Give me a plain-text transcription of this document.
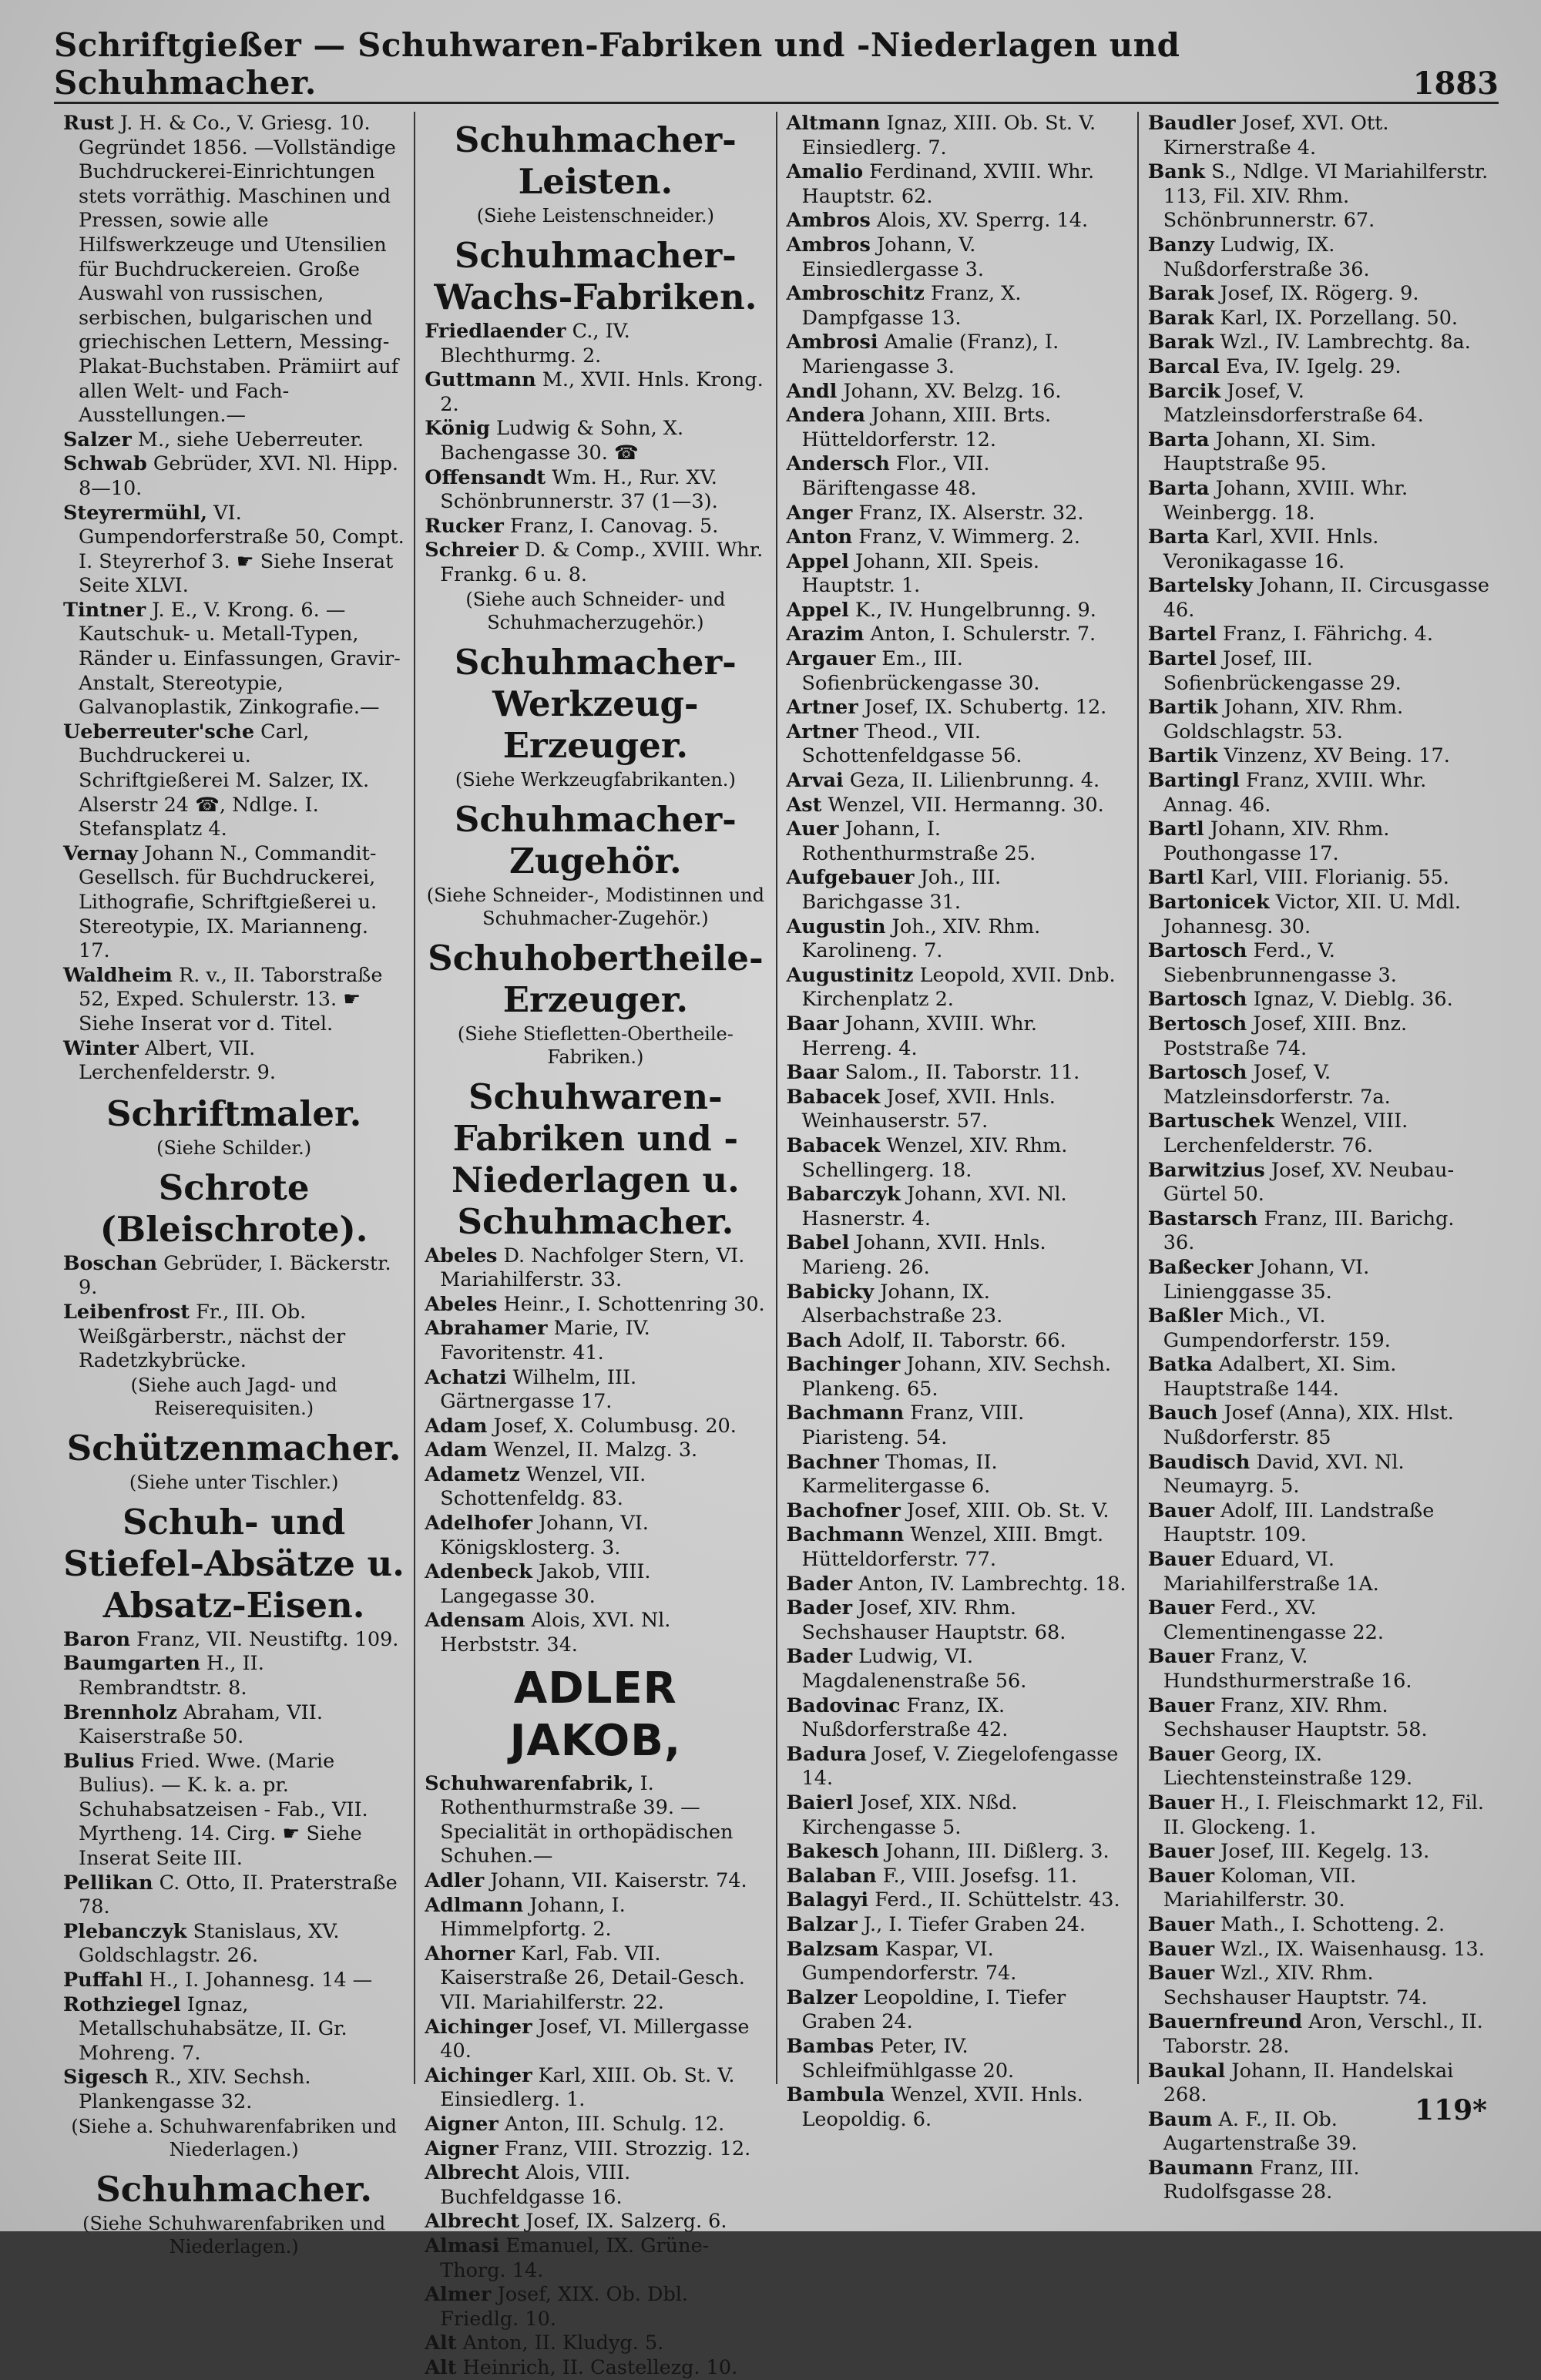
Schriftgießer — Schuhwaren-Fabriken und -Niederlagen und Schuhmacher.	1883

Rust J. H. & Co., V. Griesg. 10. Gegründet 1856. —Vollständige Buchdruckerei-Einrichtungen stets vorräthig. Maschinen und Pressen, sowie alle Hilfswerkzeuge und Utensilien für Buchdruckereien. Große Auswahl von russischen, serbischen, bulgarischen und griechischen Lettern, Messing-Plakat-Buchstaben. Prämiirt auf allen Welt- und Fach-Ausstellungen.—

Salzer M., siehe Ueberreuter.

Schwab Gebrüder, XVI. Nl. Hipp. 8—10.

Steyrermühl, VI. Gumpendorferstraße 50, Compt. I. Steyrerhof 3. ☛ Siehe Inserat Seite XLVI.

Tintner J. E., V. Krong. 6. —Kautschuk- u. Metall-Typen, Ränder u. Einfassungen, Gravir-Anstalt, Stereotypie, Galvanoplastik, Zinkografie.—

Ueberreuter'sche Carl, Buchdruckerei u. Schriftgießerei M. Salzer, IX. Alserstr 24 ☎, Ndlge. I. Stefansplatz 4.

Vernay Johann N., Commandit-Gesellsch. für Buchdruckerei, Lithografie, Schriftgießerei u. Stereotypie, IX. Marianneng. 17.

Waldheim R. v., II. Taborstraße 52, Exped. Schulerstr. 13. ☛ Siehe Inserat vor d. Titel.

Winter Albert, VII. Lerchenfelderstr. 9.

Schriftmaler.

(Siehe Schilder.)

Schrote (Bleischrote).

Boschan Gebrüder, I. Bäckerstr. 9.

Leibenfrost Fr., III. Ob. Weißgärberstr., nächst der Radetzkybrücke.

(Siehe auch Jagd- und Reiserequisiten.)

Schützenmacher.

(Siehe unter Tischler.)

Schuh- und Stiefel-Absätze u. Absatz-Eisen.

Baron Franz, VII. Neustiftg. 109.

Baumgarten H., II. Rembrandtstr. 8.

Brennholz Abraham, VII. Kaiserstraße 50.

Bulius Fried. Wwe. (Marie Bulius). — K. k. a. pr. Schuhabsatzeisen - Fab., VII. Myrtheng. 14. Cirg. ☛ Siehe Inserat Seite III.

Pellikan C. Otto, II. Praterstraße 78.

Plebanczyk Stanislaus, XV. Goldschlagstr. 26.

Puffahl H., I. Johannesg. 14 —

Rothziegel Ignaz, Metallschuhabsätze, II. Gr. Mohreng. 7.

Sigesch R., XIV. Sechsh. Plankengasse 32.

(Siehe a. Schuhwarenfabriken und Niederlagen.)

Schuhmacher.

(Siehe Schuhwarenfabriken und Niederlagen.)

Schuhmacher-Leisten.

(Siehe Leistenschneider.)

Schuhmacher-Wachs-Fabriken.

Friedlaender C., IV. Blechthurmg. 2.

Guttmann M., XVII. Hnls. Krong. 2.

König Ludwig & Sohn, X. Bachengasse 30. ☎

Offensandt Wm. H., Rur. XV. Schönbrunnerstr. 37 (1—3).

Rucker Franz, I. Canovag. 5.

Schreier D. & Comp., XVIII. Whr. Frankg. 6 u. 8.

(Siehe auch Schneider- und Schuhmacherzugehör.)

Schuhmacher-Werkzeug-Erzeuger.

(Siehe Werkzeugfabrikanten.)

Schuhmacher-Zugehör.

(Siehe Schneider-, Modistinnen und Schuhmacher-Zugehör.)

Schuhobertheile-Erzeuger.

(Siehe Stiefletten-Obertheile-Fabriken.)

Schuhwaren-Fabriken und -Niederlagen u. Schuhmacher.

Abeles D. Nachfolger Stern, VI. Mariahilferstr. 33.

Abeles Heinr., I. Schottenring 30.

Abrahamer Marie, IV. Favoritenstr. 41.

Achatzi Wilhelm, III. Gärtnergasse 17.

Adam Josef, X. Columbusg. 20.

Adam Wenzel, II. Malzg. 3.

Adametz Wenzel, VII. Schottenfeldg. 83.

Adelhofer Johann, VI. Königsklosterg. 3.

Adenbeck Jakob, VIII. Langegasse 30.

Adensam Alois, XVI. Nl. Herbststr. 34.

ADLER JAKOB,

Schuhwarenfabrik, I. Rothenthurmstraße 39. — Specialität in orthopädischen Schuhen.—

Adler Johann, VII. Kaiserstr. 74.

Adlmann Johann, I. Himmelpfortg. 2.

Ahorner Karl, Fab. VII. Kaiserstraße 26, Detail-Gesch. VII. Mariahilferstr. 22.

Aichinger Josef, VI. Millergasse 40.

Aichinger Karl, XIII. Ob. St. V. Einsiedlerg. 1.

Aigner Anton, III. Schulg. 12.

Aigner Franz, VIII. Strozzig. 12.

Albrecht Alois, VIII. Buchfeldgasse 16.

Albrecht Josef, IX. Salzerg. 6.

Almasi Emanuel, IX. Grüne-Thorg. 14.

Almer Josef, XIX. Ob. Dbl. Friedlg. 10.

Alt Anton, II. Kludyg. 5.

Alt Heinrich, II. Castellezg. 10.

Altmann Ignaz, XIII. Ob. St. V. Einsiedlerg. 7.

Amalio Ferdinand, XVIII. Whr. Hauptstr. 62.

Ambros Alois, XV. Sperrg. 14.

Ambros Johann, V. Einsiedlergasse 3.

Ambroschitz Franz, X. Dampfgasse 13.

Ambrosi Amalie (Franz), I. Mariengasse 3.

Andl Johann, XV. Belzg. 16.

Andera Johann, XIII. Brts. Hütteldorferstr. 12.

Andersch Flor., VII. Bäriftengasse 48.

Anger Franz, IX. Alserstr. 32.

Anton Franz, V. Wimmerg. 2.

Appel Johann, XII. Speis. Hauptstr. 1.

Appel K., IV. Hungelbrunng. 9.

Arazim Anton, I. Schulerstr. 7.

Argauer Em., III. Sofienbrückengasse 30.

Artner Josef, IX. Schubertg. 12.

Artner Theod., VII. Schottenfeldgasse 56.

Arvai Geza, II. Lilienbrunng. 4.

Ast Wenzel, VII. Hermanng. 30.

Auer Johann, I. Rothenthurmstraße 25.

Aufgebauer Joh., III. Barichgasse 31.

Augustin Joh., XIV. Rhm. Karolineng. 7.

Augustinitz Leopold, XVII. Dnb. Kirchenplatz 2.

Baar Johann, XVIII. Whr. Herreng. 4.

Baar Salom., II. Taborstr. 11.

Babacek Josef, XVII. Hnls. Weinhauserstr. 57.

Babacek Wenzel, XIV. Rhm. Schellingerg. 18.

Babarczyk Johann, XVI. Nl. Hasnerstr. 4.

Babel Johann, XVII. Hnls. Marieng. 26.

Babicky Johann, IX. Alserbachstraße 23.

Bach Adolf, II. Taborstr. 66.

Bachinger Johann, XIV. Sechsh. Plankeng. 65.

Bachmann Franz, VIII. Piaristeng. 54.

Bachner Thomas, II. Karmelitergasse 6.

Bachofner Josef, XIII. Ob. St. V.

Bachmann Wenzel, XIII. Bmgt. Hütteldorferstr. 77.

Bader Anton, IV. Lambrechtg. 18.

Bader Josef, XIV. Rhm. Sechshauser Hauptstr. 68.

Bader Ludwig, VI. Magdalenenstraße 56.

Badovinac Franz, IX. Nußdorferstraße 42.

Badura Josef, V. Ziegelofengasse 14.

Baierl Josef, XIX. Nßd. Kirchengasse 5.

Bakesch Johann, III. Dißlerg. 3.

Balaban F., VIII. Josefsg. 11.

Balagyi Ferd., II. Schüttelstr. 43.

Balzar J., I. Tiefer Graben 24.

Balzsam Kaspar, VI. Gumpendorferstr. 74.

Balzer Leopoldine, I. Tiefer Graben 24.

Bambas Peter, IV. Schleifmühlgasse 20.

Bambula Wenzel, XVII. Hnls. Leopoldig. 6.

Baudler Josef, XVI. Ott. Kirnerstraße 4.

Bank S., Ndlge. VI Mariahilferstr. 113, Fil. XIV. Rhm. Schönbrunnerstr. 67.

Banzy Ludwig, IX. Nußdorferstraße 36.

Barak Josef, IX. Rögerg. 9.

Barak Karl, IX. Porzellang. 50.

Barak Wzl., IV. Lambrechtg. 8a.

Barcal Eva, IV. Igelg. 29.

Barcik Josef, V. Matzleinsdorferstraße 64.

Barta Johann, XI. Sim. Hauptstraße 95.

Barta Johann, XVIII. Whr. Weinbergg. 18.

Barta Karl, XVII. Hnls. Veronikagasse 16.

Bartelsky Johann, II. Circusgasse 46.

Bartel Franz, I. Fährichg. 4.

Bartel Josef, III. Sofienbrückengasse 29.

Bartik Johann, XIV. Rhm. Goldschlagstr. 53.

Bartik Vinzenz, XV Being. 17.

Bartingl Franz, XVIII. Whr. Annag. 46.

Bartl Johann, XIV. Rhm. Pouthongasse 17.

Bartl Karl, VIII. Florianig. 55.

Bartonicek Victor, XII. U. Mdl. Johannesg. 30.

Bartosch Ferd., V. Siebenbrunnengasse 3.

Bartosch Ignaz, V. Dieblg. 36.

Bertosch Josef, XIII. Bnz. Poststraße 74.

Bartosch Josef, V. Matzleinsdorferstr. 7a.

Bartuschek Wenzel, VIII. Lerchenfelderstr. 76.

Barwitzius Josef, XV. Neubau-Gürtel 50.

Bastarsch Franz, III. Barichg. 36.

Baßecker Johann, VI. Linienggasse 35.

Baßler Mich., VI. Gumpendorferstr. 159.

Batka Adalbert, XI. Sim. Hauptstraße 144.

Bauch Josef (Anna), XIX. Hlst. Nußdorferstr. 85

Baudisch David, XVI. Nl. Neumayrg. 5.

Bauer Adolf, III. Landstraße Hauptstr. 109.

Bauer Eduard, VI. Mariahilferstraße 1A.

Bauer Ferd., XV. Clementinengasse 22.

Bauer Franz, V. Hundsthurmerstraße 16.

Bauer Franz, XIV. Rhm. Sechshauser Hauptstr. 58.

Bauer Georg, IX. Liechtensteinstraße 129.

Bauer H., I. Fleischmarkt 12, Fil. II. Glockeng. 1.

Bauer Josef, III. Kegelg. 13.

Bauer Koloman, VII. Mariahilferstr. 30.

Bauer Math., I. Schotteng. 2.

Bauer Wzl., IX. Waisenhausg. 13.

Bauer Wzl., XIV. Rhm. Sechshauser Hauptstr. 74.

Bauernfreund Aron, Verschl., II. Taborstr. 28.

Baukal Johann, II. Handelskai 268.

Baum A. F., II. Ob. Augartenstraße 39.

Baumann Franz, III. Rudolfsgasse 28.

119*
